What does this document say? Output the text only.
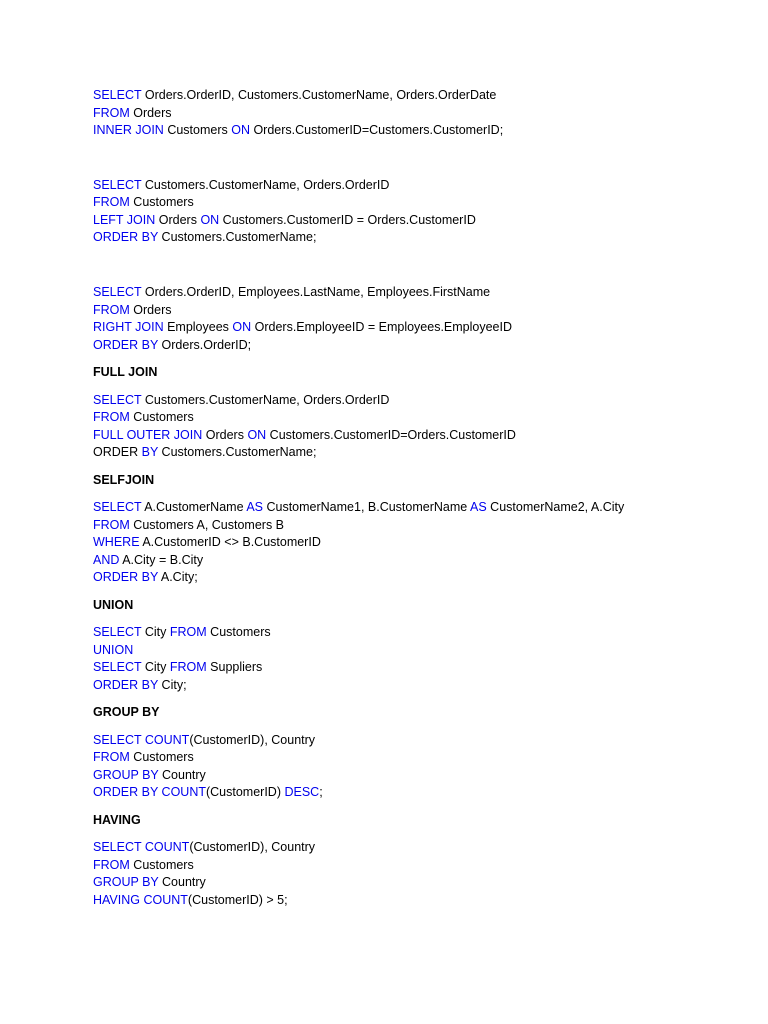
SELECT Orders.OrderID, Customers.CustomerName, Orders.OrderDate
FROM Orders
INNER JOIN Customers ON Orders.CustomerID=Customers.CustomerID;
SELECT Customers.CustomerName, Orders.OrderID
FROM Customers
LEFT JOIN Orders ON Customers.CustomerID = Orders.CustomerID
ORDER BY Customers.CustomerName;
SELECT Orders.OrderID, Employees.LastName, Employees.FirstName
FROM Orders
RIGHT JOIN Employees ON Orders.EmployeeID = Employees.EmployeeID
ORDER BY Orders.OrderID;
FULL JOIN
SELECT Customers.CustomerName, Orders.OrderID
FROM Customers
FULL OUTER JOIN Orders ON Customers.CustomerID=Orders.CustomerID
ORDER BY Customers.CustomerName;
SELFJOIN
SELECT A.CustomerName AS CustomerName1, B.CustomerName AS CustomerName2, A.City
FROM Customers A, Customers B
WHERE A.CustomerID <> B.CustomerID
AND A.City = B.City
ORDER BY A.City;
UNION
SELECT City FROM Customers
UNION
SELECT City FROM Suppliers
ORDER BY City;
GROUP BY
SELECT COUNT(CustomerID), Country
FROM Customers
GROUP BY Country
ORDER BY COUNT(CustomerID) DESC;
HAVING
SELECT COUNT(CustomerID), Country
FROM Customers
GROUP BY Country
HAVING COUNT(CustomerID) > 5;
